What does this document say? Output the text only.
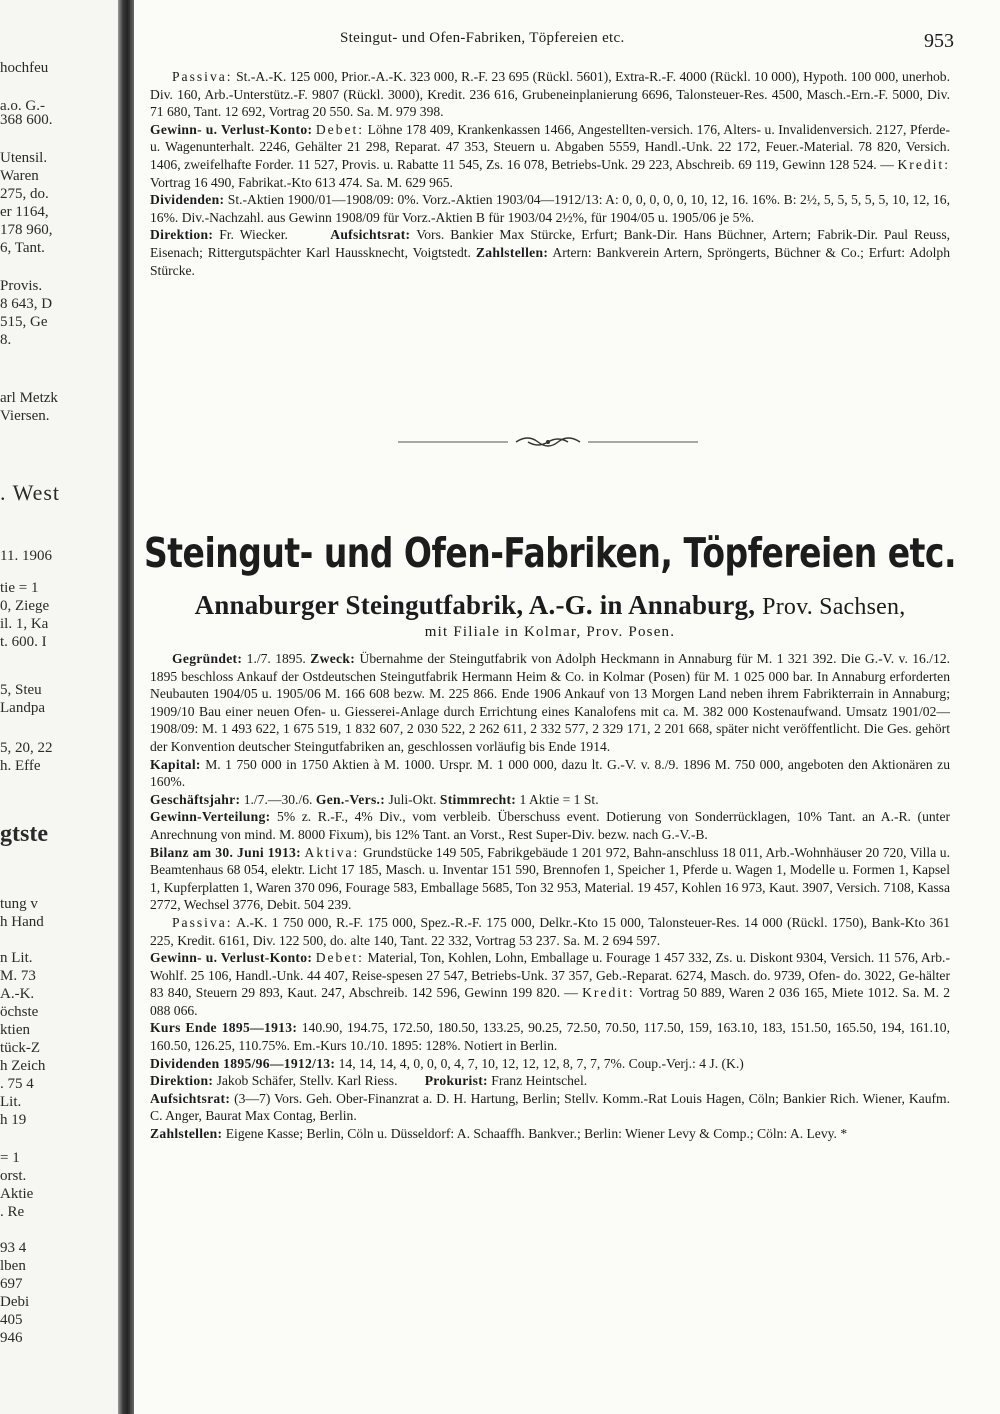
hochfeu
a.o. G.-
368 600.
Utensil.
Waren
275, do.
er 1164,
178 960,
6, Tant.
Provis.
8 643, D
515, Ge
8.
arl Metzk
Viersen.
. West
11. 1906
tie = 1
0, Ziege
il. 1, Ka
t. 600. I
5, Steu
Landpa
5, 20, 22
h. Effe
gtste
tung v
h Hand
n Lit.
M. 73
A.-K.
öchste
ktien
tück-Z
h Zeich
. 75 4
Lit.
h 19
= 1
orst.
Aktie
. Re
93 4
lben
697
Debi
405
946
Steingut- und Ofen-Fabriken, Töpfereien etc.	953

Passiva: St.-A.-K. 125 000, Prior.-A.-K. 323 000, R.-F. 23 695 (Rückl. 5601), Extra-R.-F. 4000 (Rückl. 10 000), Hypoth. 100 000, unerhob. Div. 160, Arb.-Unterstütz.-F. 9807 (Rückl. 3000), Kredit. 236 616, Grubeneinplanierung 6696, Talonsteuer-Res. 4500, Masch.-Ern.-F. 5000, Div. 71 680, Tant. 12 692, Vortrag 20 550. Sa. M. 979 398.

Gewinn- u. Verlust-Konto: Debet: Löhne 178 409, Krankenkassen 1466, Angestellten-versich. 176, Alters- u. Invalidenversich. 2127, Pferde- u. Wagenunterhalt. 2246, Gehälter 21 298, Reparat. 47 353, Steuern u. Abgaben 5559, Handl.-Unk. 22 172, Feuer.-Material. 78 820, Versich. 1406, zweifelhafte Forder. 11 527, Provis. u. Rabatte 11 545, Zs. 16 078, Betriebs-Unk. 29 223, Abschreib. 69 119, Gewinn 128 524. — Kredit: Vortrag 16 490, Fabrikat.-Kto 613 474. Sa. M. 629 965.

Dividenden: St.-Aktien 1900/01—1908/09: 0%. Vorz.-Aktien 1903/04—1912/13: A: 0, 0, 0, 0, 0, 10, 12, 16. 16%. B: 2½, 5, 5, 5, 5, 5, 10, 12, 16, 16%. Div.-Nachzahl. aus Gewinn 1908/09 für Vorz.-Aktien B für 1903/04 2½%, für 1904/05 u. 1905/06 je 5%.

Direktion: Fr. Wiecker.	Aufsichtsrat: Vors. Bankier Max Stürcke, Erfurt; Bank-Dir. Hans Büchner, Artern; Fabrik-Dir. Paul Reuss, Eisenach; Rittergutspächter Karl Haussknecht, Voigtstedt. Zahlstellen: Artern: Bankverein Artern, Spröngerts, Büchner & Co.; Erfurt: Adolph Stürcke.

Steingut- und Ofen-Fabriken, Töpfereien etc.
Annaburger Steingutfabrik, A.-G. in Annaburg, Prov. Sachsen,
mit Filiale in Kolmar, Prov. Posen.

Gegründet: 1./7. 1895. Zweck: Übernahme der Steingutfabrik von Adolph Heckmann in Annaburg für M. 1 321 392. Die G.-V. v. 16./12. 1895 beschloss Ankauf der Ostdeutschen Steingutfabrik Hermann Heim & Co. in Kolmar (Posen) für M. 1 025 000 bar. In Annaburg erforderten Neubauten 1904/05 u. 1905/06 M. 166 608 bezw. M. 225 866. Ende 1906 Ankauf von 13 Morgen Land neben ihrem Fabrikterrain in Annaburg; 1909/10 Bau einer neuen Ofen- u. Giesserei-Anlage durch Errichtung eines Kanalofens mit ca. M. 382 000 Kostenaufwand. Umsatz 1901/02—1908/09: M. 1 493 622, 1 675 519, 1 832 607, 2 030 522, 2 262 611, 2 332 577, 2 329 171, 2 201 668, später nicht veröffentlicht. Die Ges. gehört der Konvention deutscher Steingutfabriken an, geschlossen vorläufig bis Ende 1914.

Kapital: M. 1 750 000 in 1750 Aktien à M. 1000. Urspr. M. 1 000 000, dazu lt. G.-V. v. 8./9. 1896 M. 750 000, angeboten den Aktionären zu 160%.

Geschäftsjahr: 1./7.—30./6. Gen.-Vers.: Juli-Okt. Stimmrecht: 1 Aktie = 1 St.

Gewinn-Verteilung: 5% z. R.-F., 4% Div., vom verbleib. Überschuss event. Dotierung von Sonderrücklagen, 10% Tant. an A.-R. (unter Anrechnung von mind. M. 8000 Fixum), bis 12% Tant. an Vorst., Rest Super-Div. bezw. nach G.-V.-B.

Bilanz am 30. Juni 1913: Aktiva: Grundstücke 149 505, Fabrikgebäude 1 201 972, Bahn-anschluss 18 011, Arb.-Wohnhäuser 20 720, Villa u. Beamtenhaus 68 054, elektr. Licht 17 185, Masch. u. Inventar 151 590, Brennofen 1, Speicher 1, Pferde u. Wagen 1, Modelle u. Formen 1, Kapsel 1, Kupferplatten 1, Waren 370 096, Fourage 583, Emballage 5685, Ton 32 953, Material. 19 457, Kohlen 16 973, Kaut. 3907, Versich. 7108, Kassa 2772, Wechsel 3776, Debit. 504 239.

Passiva: A.-K. 1 750 000, R.-F. 175 000, Spez.-R.-F. 175 000, Delkr.-Kto 15 000, Talonsteuer-Res. 14 000 (Rückl. 1750), Bank-Kto 361 225, Kredit. 6161, Div. 122 500, do. alte 140, Tant. 22 332, Vortrag 53 237. Sa. M. 2 694 597.

Gewinn- u. Verlust-Konto: Debet: Material, Ton, Kohlen, Lohn, Emballage u. Fourage 1 457 332, Zs. u. Diskont 9304, Versich. 11 576, Arb.-Wohlf. 25 106, Handl.-Unk. 44 407, Reise-spesen 27 547, Betriebs-Unk. 37 357, Geb.-Reparat. 6274, Masch. do. 9739, Ofen- do. 3022, Ge-hälter 83 840, Steuern 29 893, Kaut. 247, Abschreib. 142 596, Gewinn 199 820. — Kredit: Vortrag 50 889, Waren 2 036 165, Miete 1012. Sa. M. 2 088 066.

Kurs Ende 1895—1913: 140.90, 194.75, 172.50, 180.50, 133.25, 90.25, 72.50, 70.50, 117.50, 159, 163.10, 183, 151.50, 165.50, 194, 161.10, 160.50, 126.25, 110.75%. Em.-Kurs 10./10. 1895: 128%. Notiert in Berlin.

Dividenden 1895/96—1912/13: 14, 14, 14, 4, 0, 0, 0, 4, 7, 10, 12, 12, 12, 8, 7, 7, 7%. Coup.-Verj.: 4 J. (K.)

Direktion: Jakob Schäfer, Stellv. Karl Riess. Prokurist: Franz Heintschel.

Aufsichtsrat: (3—7) Vors. Geh. Ober-Finanzrat a. D. H. Hartung, Berlin; Stellv. Komm.-Rat Louis Hagen, Cöln; Bankier Rich. Wiener, Kaufm. C. Anger, Baurat Max Contag, Berlin.

Zahlstellen: Eigene Kasse; Berlin, Cöln u. Düsseldorf: A. Schaaffh. Bankver.; Berlin: Wiener Levy & Comp.; Cöln: A. Levy. *
